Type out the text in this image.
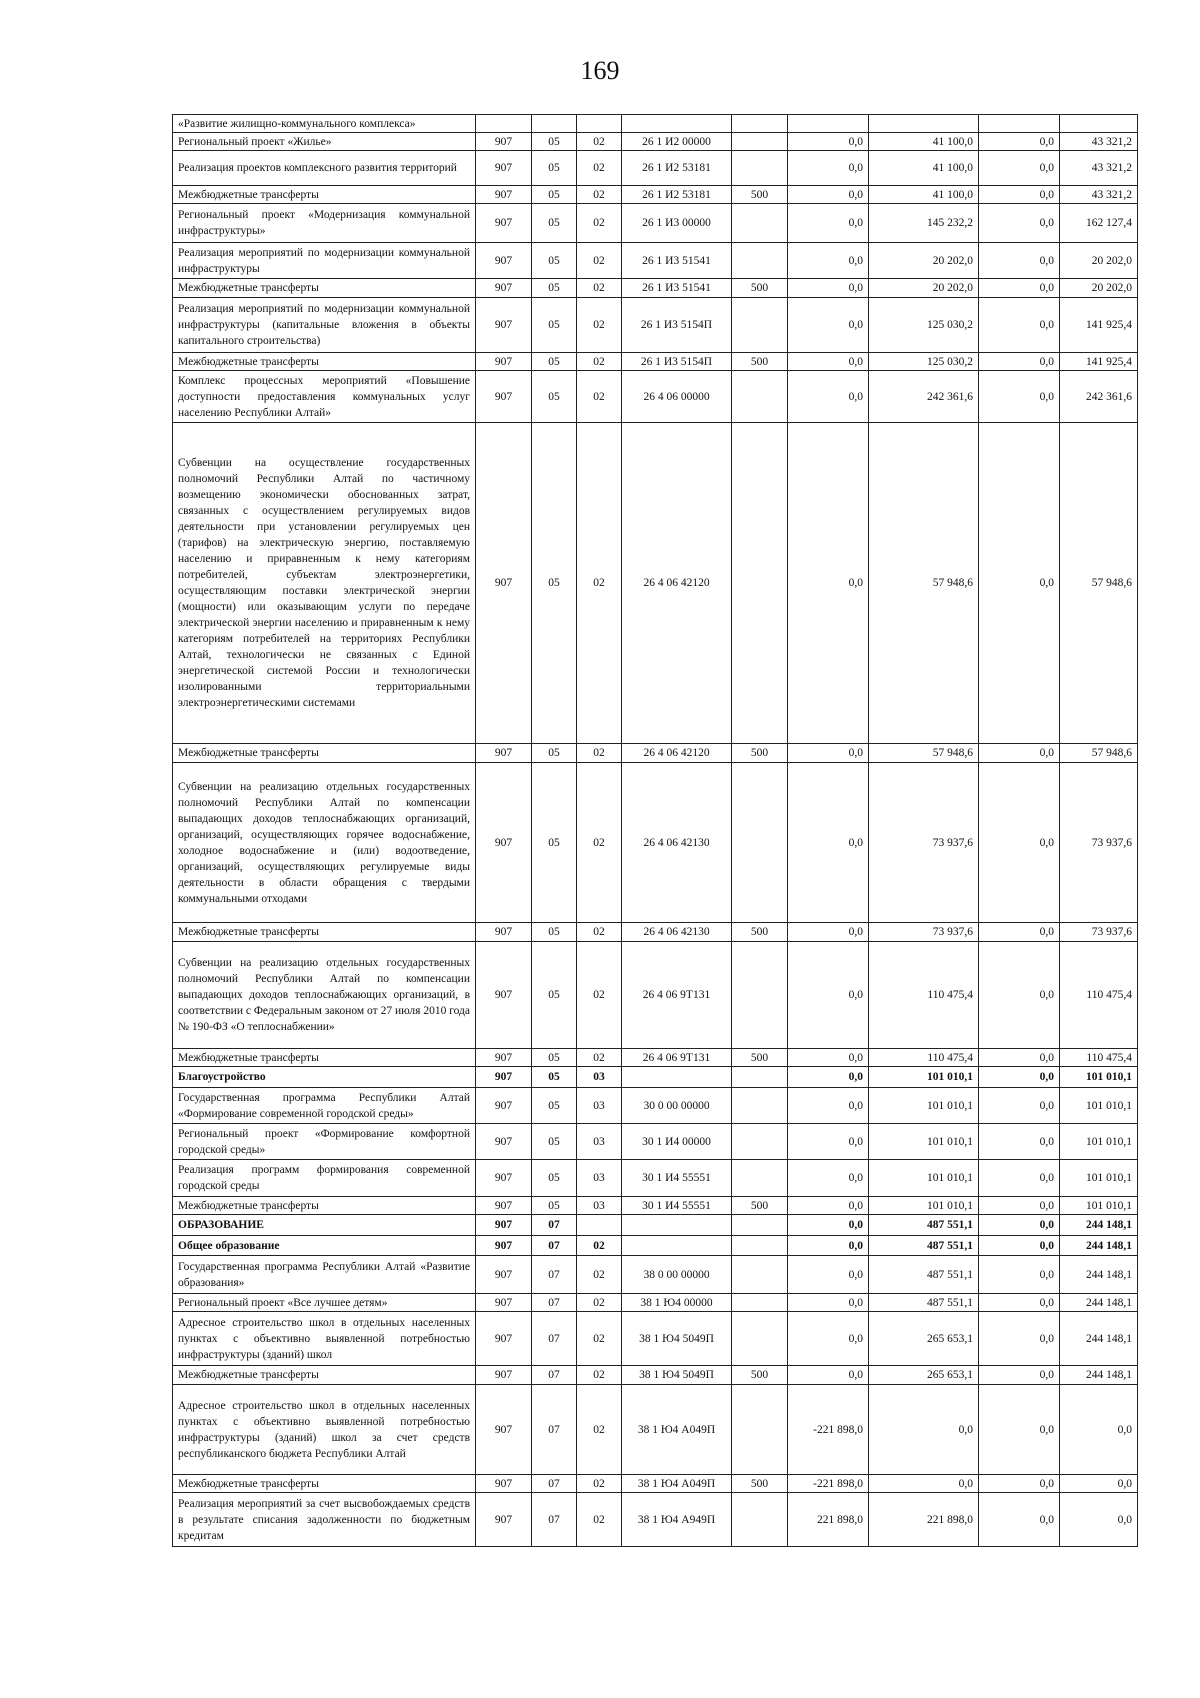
169
«Развитие жилищно-коммунального комплекса»									
Региональный проект «Жилье»	907	05	02	26 1 И2 00000		0,0	41 100,0	0,0	43 321,2
Реализация проектов комплексного развития территорий	907	05	02	26 1 И2 53181		0,0	41 100,0	0,0	43 321,2
Межбюджетные трансферты	907	05	02	26 1 И2 53181	500	0,0	41 100,0	0,0	43 321,2
Региональный проект «Модернизация коммунальной инфраструктуры»	907	05	02	26 1 И3 00000		0,0	145 232,2	0,0	162 127,4
Реализация мероприятий по модернизации коммунальной инфраструктуры	907	05	02	26 1 И3 51541		0,0	20 202,0	0,0	20 202,0
Межбюджетные трансферты	907	05	02	26 1 И3 51541	500	0,0	20 202,0	0,0	20 202,0
Реализация мероприятий по модернизации коммунальной инфраструктуры (капитальные вложения в объекты капитального строительства)	907	05	02	26 1 И3 5154П		0,0	125 030,2	0,0	141 925,4
Межбюджетные трансферты	907	05	02	26 1 И3 5154П	500	0,0	125 030,2	0,0	141 925,4
Комплекс процессных мероприятий «Повышение доступности предоставления коммунальных услуг населению Республики Алтай»	907	05	02	26 4 06 00000		0,0	242 361,6	0,0	242 361,6
Субвенции на осуществление государственных полномочий Республики Алтай по частичному возмещению экономически обоснованных затрат, связанных с осуществлением регулируемых видов деятельности при установлении регулируемых цен (тарифов) на электрическую энергию, поставляемую населению и приравненным к нему категориям потребителей, субъектам электроэнергетики, осуществляющим поставки электрической энергии (мощности) или оказывающим услуги по передаче электрической энергии населению и приравненным к нему категориям потребителей на территориях Республики Алтай, технологически не связанных с Единой энергетической системой России и технологически изолированными территориальными электроэнергетическими системами	907	05	02	26 4 06 42120		0,0	57 948,6	0,0	57 948,6
Межбюджетные трансферты	907	05	02	26 4 06 42120	500	0,0	57 948,6	0,0	57 948,6
Субвенции на реализацию отдельных государственных полномочий Республики Алтай по компенсации выпадающих доходов теплоснабжающих организаций, организаций, осуществляющих горячее водоснабжение, холодное водоснабжение и (или) водоотведение, организаций, осуществляющих регулируемые виды деятельности в области обращения с твердыми коммунальными отходами	907	05	02	26 4 06 42130		0,0	73 937,6	0,0	73 937,6
Межбюджетные трансферты	907	05	02	26 4 06 42130	500	0,0	73 937,6	0,0	73 937,6
Субвенции на реализацию отдельных государственных полномочий Республики Алтай по компенсации выпадающих доходов теплоснабжающих организаций, в соответствии с Федеральным законом от 27 июля 2010 года № 190-ФЗ «О теплоснабжении»	907	05	02	26 4 06 9Т131		0,0	110 475,4	0,0	110 475,4
Межбюджетные трансферты	907	05	02	26 4 06 9Т131	500	0,0	110 475,4	0,0	110 475,4
Благоустройство	907	05	03			0,0	101 010,1	0,0	101 010,1
Государственная программа Республики Алтай «Формирование современной городской среды»	907	05	03	30 0 00 00000		0,0	101 010,1	0,0	101 010,1
Региональный проект «Формирование комфортной городской среды»	907	05	03	30 1 И4 00000		0,0	101 010,1	0,0	101 010,1
Реализация программ формирования современной городской среды	907	05	03	30 1 И4 55551		0,0	101 010,1	0,0	101 010,1
Межбюджетные трансферты	907	05	03	30 1 И4 55551	500	0,0	101 010,1	0,0	101 010,1
ОБРАЗОВАНИЕ	907	07				0,0	487 551,1	0,0	244 148,1
Общее образование	907	07	02			0,0	487 551,1	0,0	244 148,1
Государственная программа Республики Алтай «Развитие образования»	907	07	02	38 0 00 00000		0,0	487 551,1	0,0	244 148,1
Региональный проект «Все лучшее детям»	907	07	02	38 1 Ю4 00000		0,0	487 551,1	0,0	244 148,1
Адресное строительство школ в отдельных населенных пунктах с объективно выявленной потребностью инфраструктуры (зданий) школ	907	07	02	38 1 Ю4 5049П		0,0	265 653,1	0,0	244 148,1
Межбюджетные трансферты	907	07	02	38 1 Ю4 5049П	500	0,0	265 653,1	0,0	244 148,1
Адресное строительство школ в отдельных населенных пунктах с объективно выявленной потребностью инфраструктуры (зданий) школ за счет средств республиканского бюджета Республики Алтай	907	07	02	38 1 Ю4 А049П		-221 898,0	0,0	0,0	0,0
Межбюджетные трансферты	907	07	02	38 1 Ю4 А049П	500	-221 898,0	0,0	0,0	0,0
Реализация мероприятий за счет высвобождаемых средств в результате списания задолженности по бюджетным кредитам	907	07	02	38 1 Ю4 А949П		221 898,0	221 898,0	0,0	0,0
